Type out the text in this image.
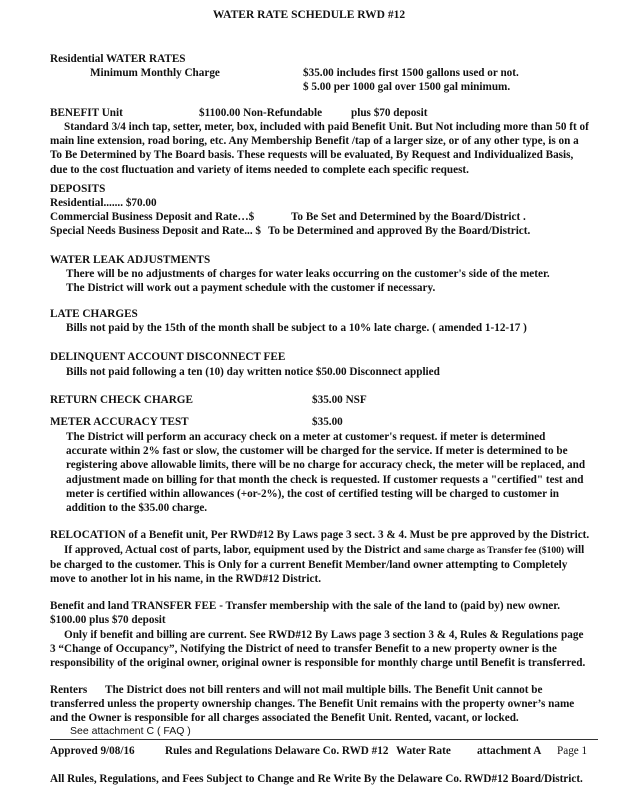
WATER RATE SCHEDULE RWD #12
Residential WATER RATES
Minimum Monthly Charge	$35.00 includes first 1500 gallons used or not.
$ 5.00 per 1000 gal over 1500 gal minimum.
BENEFIT Unit	$1100.00 Non-Refundable	plus $70 deposit
Standard 3/4 inch tap, setter, meter, box, included with paid Benefit Unit. But Not including more than 50 ft of main line extension, road boring, etc. Any Membership Benefit /tap of a larger size, or of any other type, is on a To Be Determined by The Board basis. These requests will be evaluated, By Request and Individualized Basis, due to the cost fluctuation and variety of items needed to complete each specific request.
DEPOSITS
Residential....... $70.00
Commercial Business Deposit and Rate…$	To Be Set and Determined by the Board/District .
Special Needs Business Deposit and Rate... $ To be Determined and approved By the Board/District.
WATER LEAK ADJUSTMENTS
There will be no adjustments of charges for water leaks occurring on the customer's side of the meter. The District will work out a payment schedule with the customer if necessary.
LATE CHARGES
Bills not paid by the 15th of the month shall be subject to a 10% late charge. ( amended 1-12-17 )
DELINQUENT ACCOUNT DISCONNECT FEE
Bills not paid following a ten (10) day written notice $50.00 Disconnect applied
RETURN CHECK CHARGE	$35.00 NSF
METER ACCURACY TEST	$35.00
The District will perform an accuracy check on a meter at customer's request. if meter is determined accurate within 2% fast or slow, the customer will be charged for the service. If meter is determined to be registering above allowable limits, there will be no charge for accuracy check, the meter will be replaced, and adjustment made on billing for that month the check is requested. If customer requests a "certified" test and meter is certified within allowances (+or-2%), the cost of certified testing will be charged to customer in addition to the $35.00 charge.
RELOCATION of a Benefit unit, Per RWD#12 By Laws page 3 sect. 3 & 4. Must be pre approved by the District.
If approved, Actual cost of parts, labor, equipment used by the District and same charge as Transfer fee ($100) will be charged to the customer. This is Only for a current Benefit Member/land owner attempting to Completely move to another lot in his name, in the RWD#12 District.
Benefit and land TRANSFER FEE - Transfer membership with the sale of the land to (paid by) new owner.
$100.00 plus $70 deposit
Only if benefit and billing are current. See RWD#12 By Laws page 3 section 3 & 4, Rules & Regulations page 3 “Change of Occupancy”, Notifying the District of need to transfer Benefit to a new property owner is the responsibility of the original owner, original owner is responsible for monthly charge until Benefit is transferred.
Renters The District does not bill renters and will not mail multiple bills. The Benefit Unit cannot be transferred unless the property ownership changes. The Benefit Unit remains with the property owner’s name and the Owner is responsible for all charges associated the Benefit Unit. Rented, vacant, or locked.
See attachment C ( FAQ )
Approved 9/08/16	Rules and Regulations Delaware Co. RWD #12 Water Rate attachment A Page 1
All Rules, Regulations, and Fees Subject to Change and Re Write By the Delaware Co. RWD#12 Board/District.
